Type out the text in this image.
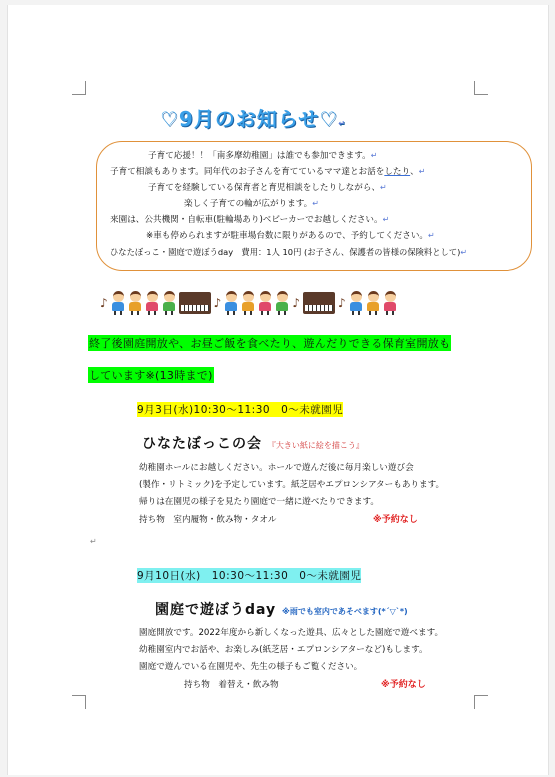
♡9月のお知らせ♡↵
子育て応援！！「南多摩幼稚園」は誰でも参加できます。↵
子育て相談もあります。同年代のお子さんを育てているママ達とお話をしたり、↵
子育てを経験している保育者と育児相談をしたりしながら、↵
楽しく子育ての輪が広がります。↵
来園は、公共機関・自転車(駐輪場あり)ベビーカーでお越しください。↵
※車も停められますが駐車場台数に限りがあるので、予約してください。↵
ひなたぼっこ・園庭で遊ぼうday　費用：1人 10円 (お子さん、保護者の皆様の保険料として)↵
♪	♪	♪	♪
終了後園庭開放や、お昼ご飯を食べたり、遊んだりできる保育室開放も
しています※(13時まで)
9月3日(水)10:30～11:30　0～未就園児
ひなたぼっこの会 『大きい紙に絵を描こう』
幼稚園ホールにお越しください。ホールで遊んだ後に毎月楽しい遊び会
(製作・リトミック)を予定しています。紙芝居やエプロンシアターもあります。
帰りは在園児の様子を見たり園庭で一緒に遊べたりできます。
持ち物　室内履物・飲み物・タオル	※予約なし
↵
9月10日(水)　10:30～11:30　0～未就園児
園庭で遊ぼうday ※雨でも室内であそべます(*´▽`*)
園庭開放です。2022年度から新しくなった遊具、広々とした園庭で遊べます。
幼稚園室内でお話や、お楽しみ(紙芝居・エプロンシアターなど)もします。
園庭で遊んでいる在園児や、先生の様子もご覧ください。
持ち物　着替え・飲み物	※予約なし
